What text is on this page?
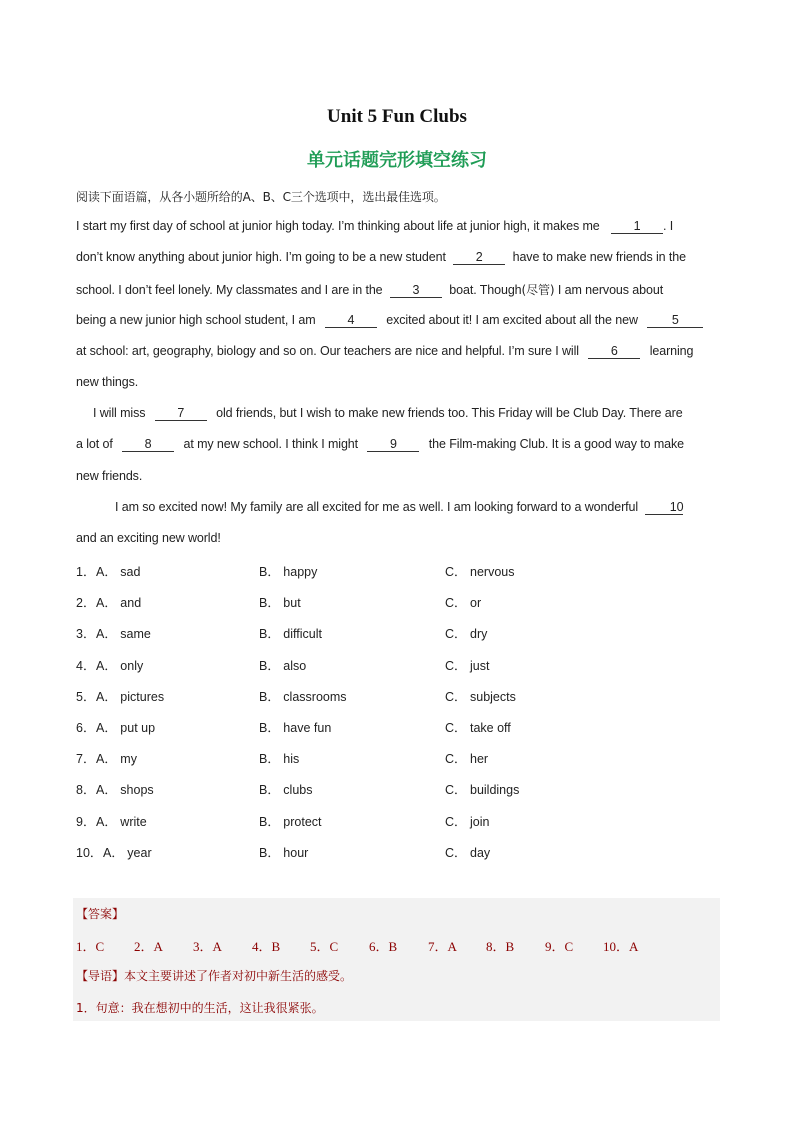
Unit 5 Fun Clubs
单元话题完形填空练习
阅读下面语篇，从各小题所给的A、B、C三个选项中，选出最佳选项。
I start my first day of school at junior high today. I’m thinking about life at junior high, it makes me	1 . I
don’t know anything about junior high. I’m going to be a new student 2 have to make new friends in the
school. I don’t feel lonely. My classmates and I are in the 3 boat. Though(尽管) I am nervous about
being a new junior high school student, I am	4	excited about it! I am excited about all the new	5
at school: art, geography, biology and so on. Our teachers are nice and helpful. I’m sure I will	6	learning
new things.
I will miss	7	old friends, but I wish to make new friends too. This Friday will be Club Day. There are
a lot of	8	at my new school. I think I might	9	the Film-making Club. It is a good way to make
new friends.
I am so excited now! My family are all excited for me as well. I am looking forward to a wonderful	10
and an exciting new world!
1． A． sad	B． happy	C． nervous
2． A． and	B． but	C． or
3． A． same	B． difficult	C． dry
4． A． only	B． also	C． just
5． A． pictures	B． classrooms	C． subjects
6． A． put up	B． have fun	C． take off
7． A． my	B． his	C． her
8． A． shops	B． clubs	C． buildings
9． A． write	B． protect	C． join
10． A． year	B． hour	C． day
【答案】
1．C 2．A 3．A 4．B 5．C 6．B 7．A 8．B 9．C 10．A
【导语】本文主要讲述了作者对初中新生活的感受。
1．句意：我在想初中的生活，这让我很紧张。
